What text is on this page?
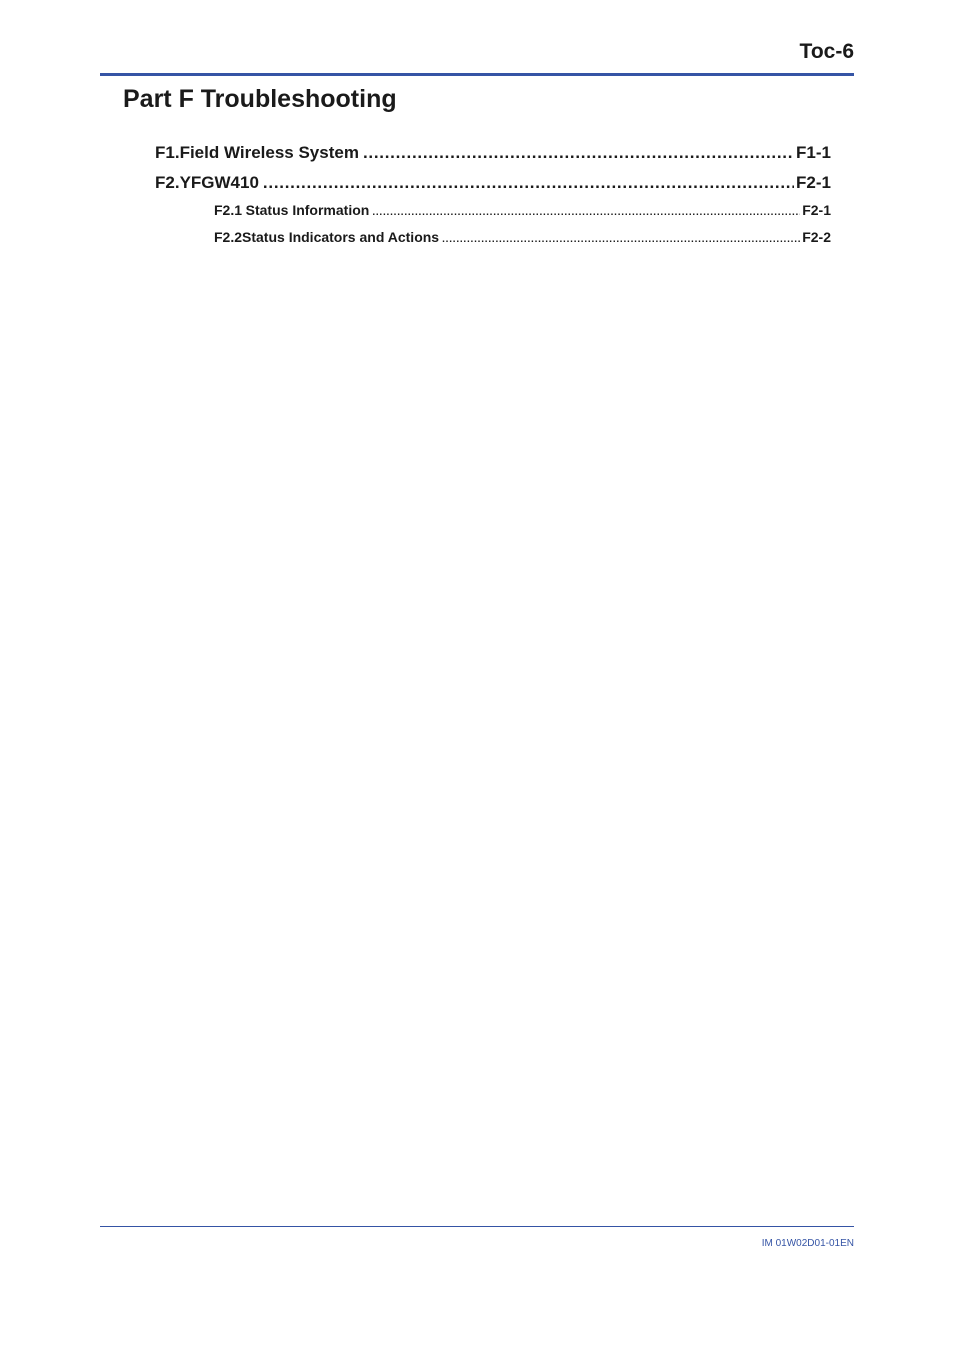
Toc-6
Part F Troubleshooting
F1. Field Wireless System . . .	F1-1
F2. YFGW410 . . .	F2-1
F2.1 Status Information . . .	F2-1
F2.2 Status Indicators and Actions . . .	F2-2
IM 01W02D01-01EN
